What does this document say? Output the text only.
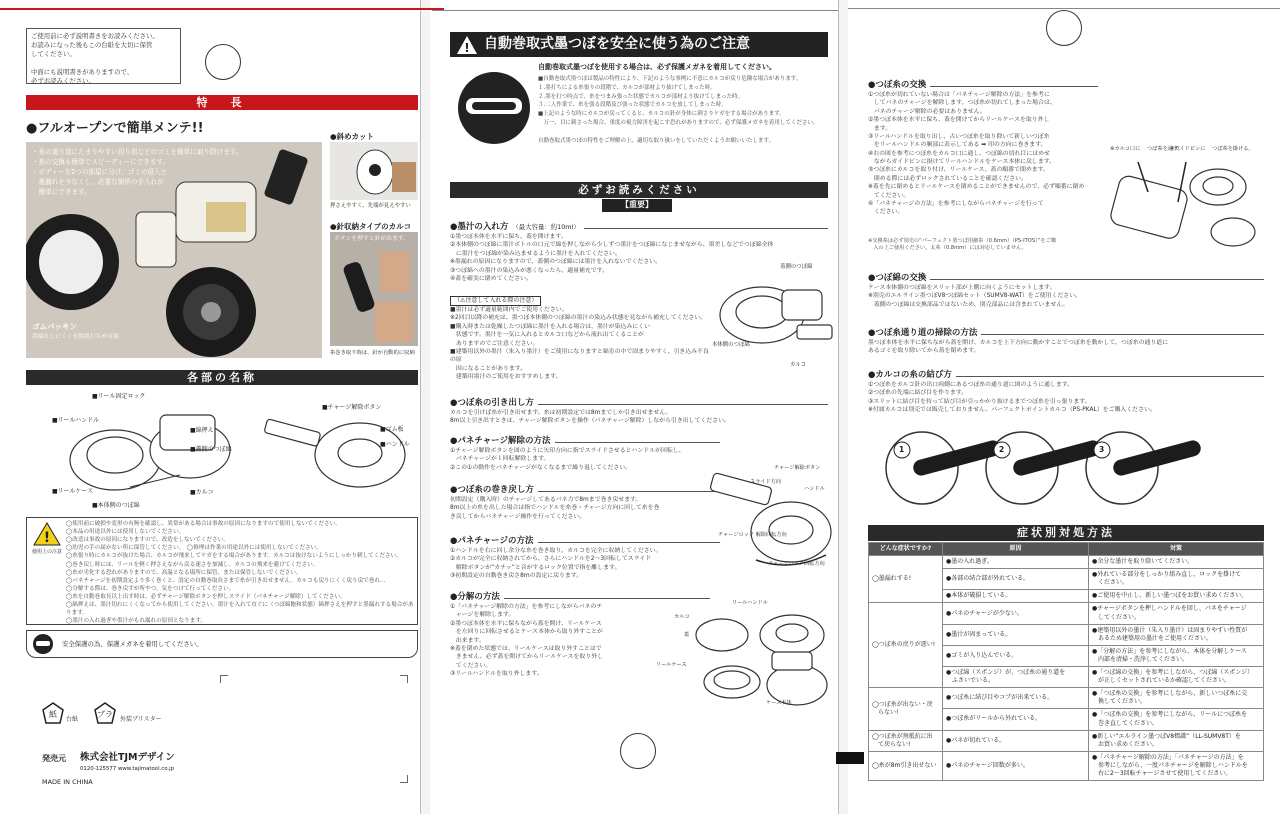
ご使用前に必ず説明書きをお読みください。
お読みになった後もこの台紙を大切に保管
してください。

中面にも説明書きがありますので、
必ずお読みください。
特　長
●フルオープンで簡単メンテ!!
・糸の通り道にたまりやすい切り屑などのゴミを簡単に取り除けます。
・糸の交換も簡単でスピーディーにできます。
・ボディーを2つの部屋に分け、ゴミの侵入と
　墨漏れを少なくし、必要な箇所の手入れが
　簡単にできます。
ゴムパッキン
墨漏れしにくく長期墨打ちが可能
●斜めカット
押さえやすく、先端が見えやすい
●針収納タイプのカルコ
ボタンを押すと針が出ます。
糸巻き取り時は、針が自動的に収納
各部の名称
■リール固定ロック
■リールハンドル
■綿押え
■蓋側のつぼ綿
■リールケース
■本体側のつぼ綿
■カルコ
■チャージ解除ボタン
■ゴム板
■ハンドル
!
使用上の注意
◯使用前に破損や変形の有無を確認し、異常がある場合は事故の原因になりますので使用しないでください。
◯本品の用途以外には使用しないでください。
◯改造は事故の原因になりますので、改造をしないでください。
◯幼児の手の届かない所に保管してください。　◯修理は作業の用途以外には使用しないでください。
◯糸張り時にカルコが抜けた場合、カルコが飛来してケガをする場合があります。カルコは抜けないようにしっかり刺してください。
◯巻き戻し時には、リールを軽く押さえながら戻る速さを加減し、カルコの飛来を避けてください。
◯糸が劣化する恐れがありますので、高温となる場所に保管、または保管しないでください。
◯パネチャージを初期設定より多く巻くと、設定の自動巻取長さまで糸が引き出せません。カルコも戻りにくく戻り戻で巻れ...
◯分解する際は、巻き戻すが所やつ、気をつけて行ってください。
◯糸を自動巻取長以上出す時は、必ずチャージ解除ボタンを押しスライド（パネチャージ解除）してください。
◯綿押えは、墨汁切れにくくなってから使用してください。墨汁を入れて直ぐに（つぼ綿飽和状態）綿押さえを押すと墨漏れする場合があります。
◯墨汁の入れ過ぎや墨汁がもれ漏れの原因となります。
安全保護の為、保護メガネを着用してください。
紙
台紙
プラ
外装ブリスター
発売元 株式会社TJMデザイン
0120-125577 www.tajimatool.co.jp
MADE IN CHINA
! 自動巻取式墨つぼを安全に使う為のご注意
自動巻取式墨つぼを使用する場合は、必ず保護メガネを着用してください。
■自動巻取式墨つぼは製品の特性により、下記のような事例に不意にカルコが戻り危険な場合があります。
１.墨打ちによる糸張りの段階で、カルコが部材より抜けてしまった時。
２.墨を打つ時点で、糸をつまみ張った状態でカルコが部材より抜けてしまった時。
３.二人作業で、糸を張る段階及び張った状態でカルコを放してしまった時。
■上記のような時にカルコが戻ってくると、カルコの針が身体に刺さりケガをする場合があります。
　万一、目に刺さった場合、重度の視力障害を起こす恐れがありますので、必ず保護メガネを着用してください。

自動巻取式墨つぼの特性をご理解の上、適切な取り扱いをしていただくようお願いいたします。
必ずお読みください
【重要】
●墨汁の入れ方 （最大容量：約10ml）
①墨つぼ本体を水平に保ち、蓋を開けます。
②本体側のつぼ綿に墨汁ボトルの口元で綿を押しながら少しずつ墨汁をつぼ綿になじませながら、墨差しなどでつぼ綿全体
　に墨汁をつぼ綿が染み込ませるように墨汁を入れてください。
※墨漏れの原因になりますので、蓋側のつぼ綿には墨汁を入れないでください。
③つぼ綿への墨汁の染込みが悪くなったら、適量補充です。
④蓋を確実に閉めてください。
（⚠注意して入れる際の注意）
■墨汁は必ず適量範囲内でご使用ください。
※2回目以降の補充は、墨つぼ本体側のつぼ綿の墨汁の染込み状態を見ながら補充してください。
■購入時または乾燥したつぼ綿に墨汁を入れる場合は、墨汁が染込みにくい
　状態です。墨汁を一気に入れるとカルコ口などから流れ出てくることが
　ありますのでご注意ください。
■建築用以外の墨汁（朱入り墨汁）をご使用になりますと綿室の中で固まりやすく、引き込み不良の原
　因になることがあります。
　建築用墨汁のご使用をおすすめします。
蓋側のつぼ綿
本体側のつぼ綿
カルコ
●つぼ糸の引き出し方
カルコを引けば糸が引き出せます。糸は初期設定では8mまでしか引き出せません。
8m以上引き出すときは、チャージ解除ボタンを操作（パネチャージ解除）しながら引き出してください。
●パネチャージ解除の方法
①チャージ解除ボタンを図のように矢印方向に指でスライドさせるとハンドルが回転し、
　パネチャージが１回転解除します。
②この①の動作をパネチャージがなくなるまで繰り返してください。
●つぼ糸の巻き戻し方
初期設定（購入時）のチャージしてあるパネ力で8mまで巻き戻せます。
8m以上の糸を出した場合は指でハンドルを糸巻・チャージ方向に回して糸を巻
き戻してからパネチャージ操作を行ってください。
チャージ解除ボタン
スライド方向
ハンドル
チャージロック 解除回転方向
チャージロック回転方向
●パネチャージの方法
①ハンドルを右に回し余分な糸を巻き取り、カルコを完全に収納してください。
②カルコが完全に収納されてから、さらにハンドルを2〜3回転してスライド
　解除ボタンが“カチッ”と音がするロック位置で指を離します。
③初期設定の自動巻き戻さ8mの設定に戻ります。
●分解の方法
①「パネチャージ解除の方法」を参考にしながらパネのチ
　ャージを解除します。
②墨つぼ本体を水平に保ちながら蓋を開け、リールケース
　を左回りに回転させるとケース本体から取り外すことが
　出来ます。
※蓋を閉めた状態では、リールケースは取り外すことはで
　きません。必ず蓋を開けてからリールケースを取り外し
　てください。
③リールハンドルを取り外します。
リールハンドル
カルコ
蓋
リールケース
ケース本体
●つぼ糸の交換
①つぼ糸が切れていない場合は「パネチャージ解除の方法」を参考に
　してパネのチャージを解除します。つぼ糸が切れてしまった場合は、
　パネのチャージ解除の必要はありません。
②墨つぼ本体を水平に保ち、蓋を開けてからリールケースを取り外し
　ます。
③リールハンドルを取り出し、古いつぼ糸を取り除いて新しいつぼ糸
　をリールハンドルの胴部に表示してある ➡ 印の方向に巻きます。
④右の図を参考につぼ糸をカルコ口に通し、つぼ綿の切れ目にはめせ
　ながらガイドピンに掛けてリールハンドルをケース本体に戻します。
⑤つぼ糸にカルコを取り付け、リールケース、蓋の順番で閉めます。
　閉める際には必ずロックされていることを確認ください。
※蓋を先に閉めるとリールケースを閉めることができませんので、必ず順番に閉め
　てください。
⑥「パネチャージの方法」を参考にしながらパネチャージを行って
　ください。
※交換糸は必ず別売の“パーフェクト墨つぼ用細糸（0.6mm）（PS-ITOS）”をご購
　入の上ご使用ください。太糸（0.8mm）には対応していません。
※カルコ口に 　つぼ糸を通す。
※ガイドピンに 　つぼ糸を掛ける。
●つぼ綿の交換
ケース本体側のつぼ綿をスリット部が上側に向くようにセットします。
※別売のエルライン墨つぼV8つぼ綿セット（SUMV8-WAT）をご使用ください。
　蓋側のつぼ綿は交換部品ではないため、別売部品には含まれていません。
●つぼ糸通り道の掃除の方法
墨つぼ本体を水平に保ちながら蓋を開け、カルコを上下方向に動かすことでつぼ糸を動かして、つぼ糸の通り道に
あるゴミを取り除いてから蓋を閉めます。
●カルコの糸の結び方
①つぼ糸をカルコ針の出口両側にあるつぼ糸の通り道に図のように通します。
②つぼ糸の先端に結び目を作ります。
③スリットに結び目を持って結び目が引っかかり抜けるまでつぼ糸を引っ張ります。
※付属カルコは別売では販売しておりません。パーフェクトポイントカルコ（PS-PKAL）をご購入ください。
1	2	3
症状別対処方法
どんな症状ですか?	原因	対策
◯墨漏れする!	●墨の入れ過ぎ。	●余分な墨汁を取り除いてください。
	●各部の結合部が外れている。	●外れている部分をしっかり組み直し、ロックを掛けて
　ください。
	●本体が破損している。	●ご使用を中止し、新しい墨つぼをお買い求めください。
◯つぼ糸の戻りが悪い!	●パネのチャージが少ない。	●チャージボタンを押しハンドルを回し、パネをチャージ
　してください。
	●墨汁が固まっている。	●建築用以外の墨汁（朱入り墨汁）は固まりやすい性質が
　あるため建築用の墨汁をご使用ください。
	●ゴミが入り込んでいる。	●「分解の方法」を参考にしながら、本体を分解しケース
　内部を清掃・洗浄してください。
	●つぼ綿（スポンジ）が、つぼ糸の通り道を
　ふさいでいる。	●「つぼ綿の交換」を参考にしながら、つぼ綿（スポンジ）
　が正しくセットされているか確認してください。
◯つぼ糸が出ない・戻
　らない!	●つぼ糸に結び目やコブが出来ている。	●「つぼ糸の交換」を参考にしながら、新しいつぼ糸に交
　換してください。
	●つぼ糸がリールから外れている。	●「つぼ糸の交換」を参考にしながら、リールにつぼ糸を
　巻き直してください。
◯つぼ糸が無抵抗に出
　て戻らない!	●パネが切れている。	●新しい“エルライン墨つぼV8標識”（LL-SUMV8T）を
　お買い求めください。
◯糸が8m引き出せない	●パネのチャージ回数が多い。	●「パネチャージ解除の方法」「パネチャージの方法」を
　参考にしながら、一度パネチャージを解除しハンドルを
　右に2〜3回転チャージさせて使用してください。
